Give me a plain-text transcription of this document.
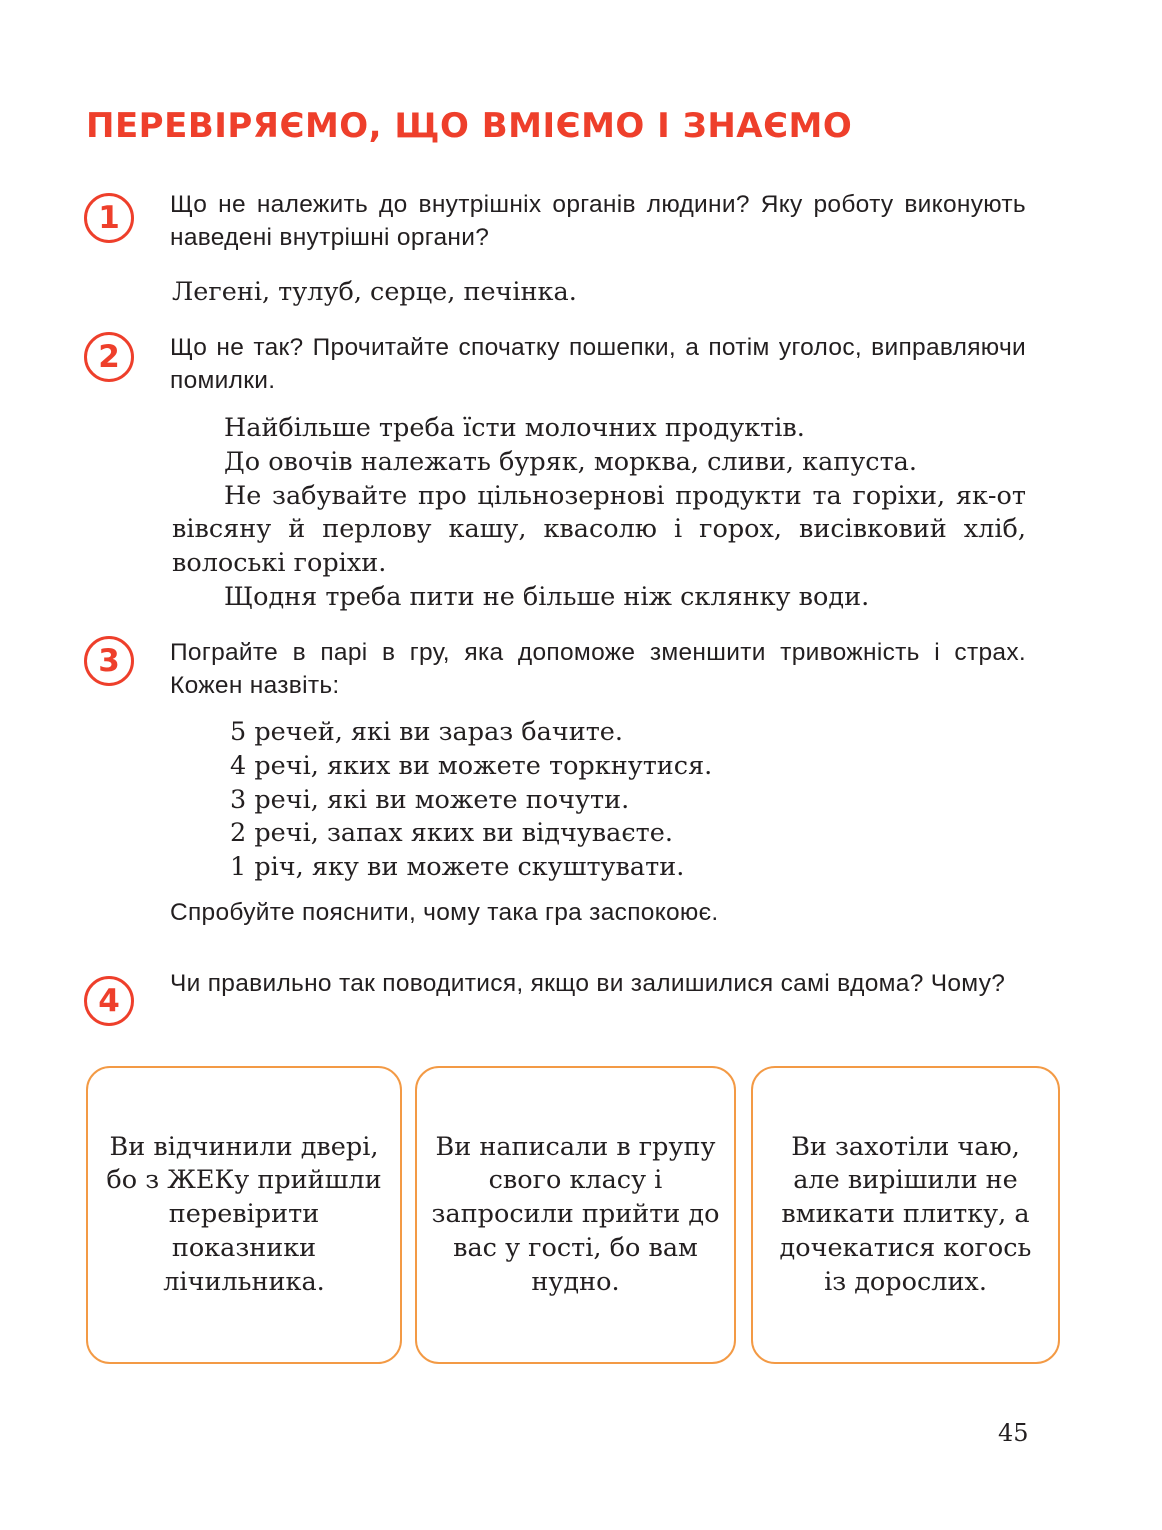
ПЕРЕВІРЯЄМО, ЩО ВМІЄМО І ЗНАЄМО
1	Що не належить до внутрішніх органів людини? Яку роботу виконують наведені внутрішні органи?

Легені, тулуб, серце, печінка.

2	Що не так? Прочитайте спочатку пошепки, а потім уголос, виправляючи помилки.

Найбільше треба їсти молочних продуктів.

До овочів належать буряк, морква, сливи, капуста.

Не забувайте про цільнозернові продукти та горіхи, як-от вівсяну й перлову кашу, квасолю і горох, висівковий хліб, волоські горіхи.

Щодня треба пити не більше ніж склянку води.

3	Пограйте в парі в гру, яка допоможе зменшити тривожність і страх. Кожен назвіть:

5 речей, які ви зараз бачите.
4 речі, яких ви можете торкнутися.
3 речі, які ви можете почути.
2 речі, запах яких ви відчуваєте.
1 річ, яку ви можете скуштувати.

Спробуйте пояснити, чому така гра заспокоює.

4	Чи правильно так поводитися, якщо ви залишилися самі вдома? Чому?

Ви відчинили двері, бо з ЖЕКу прийшли перевірити показники лічильника.

Ви написали в групу свого класу і запросили прийти до вас у гості, бо вам нудно.

Ви захотіли чаю, але вирішили не вмикати плитку, а дочекатися когось із дорослих.

45
